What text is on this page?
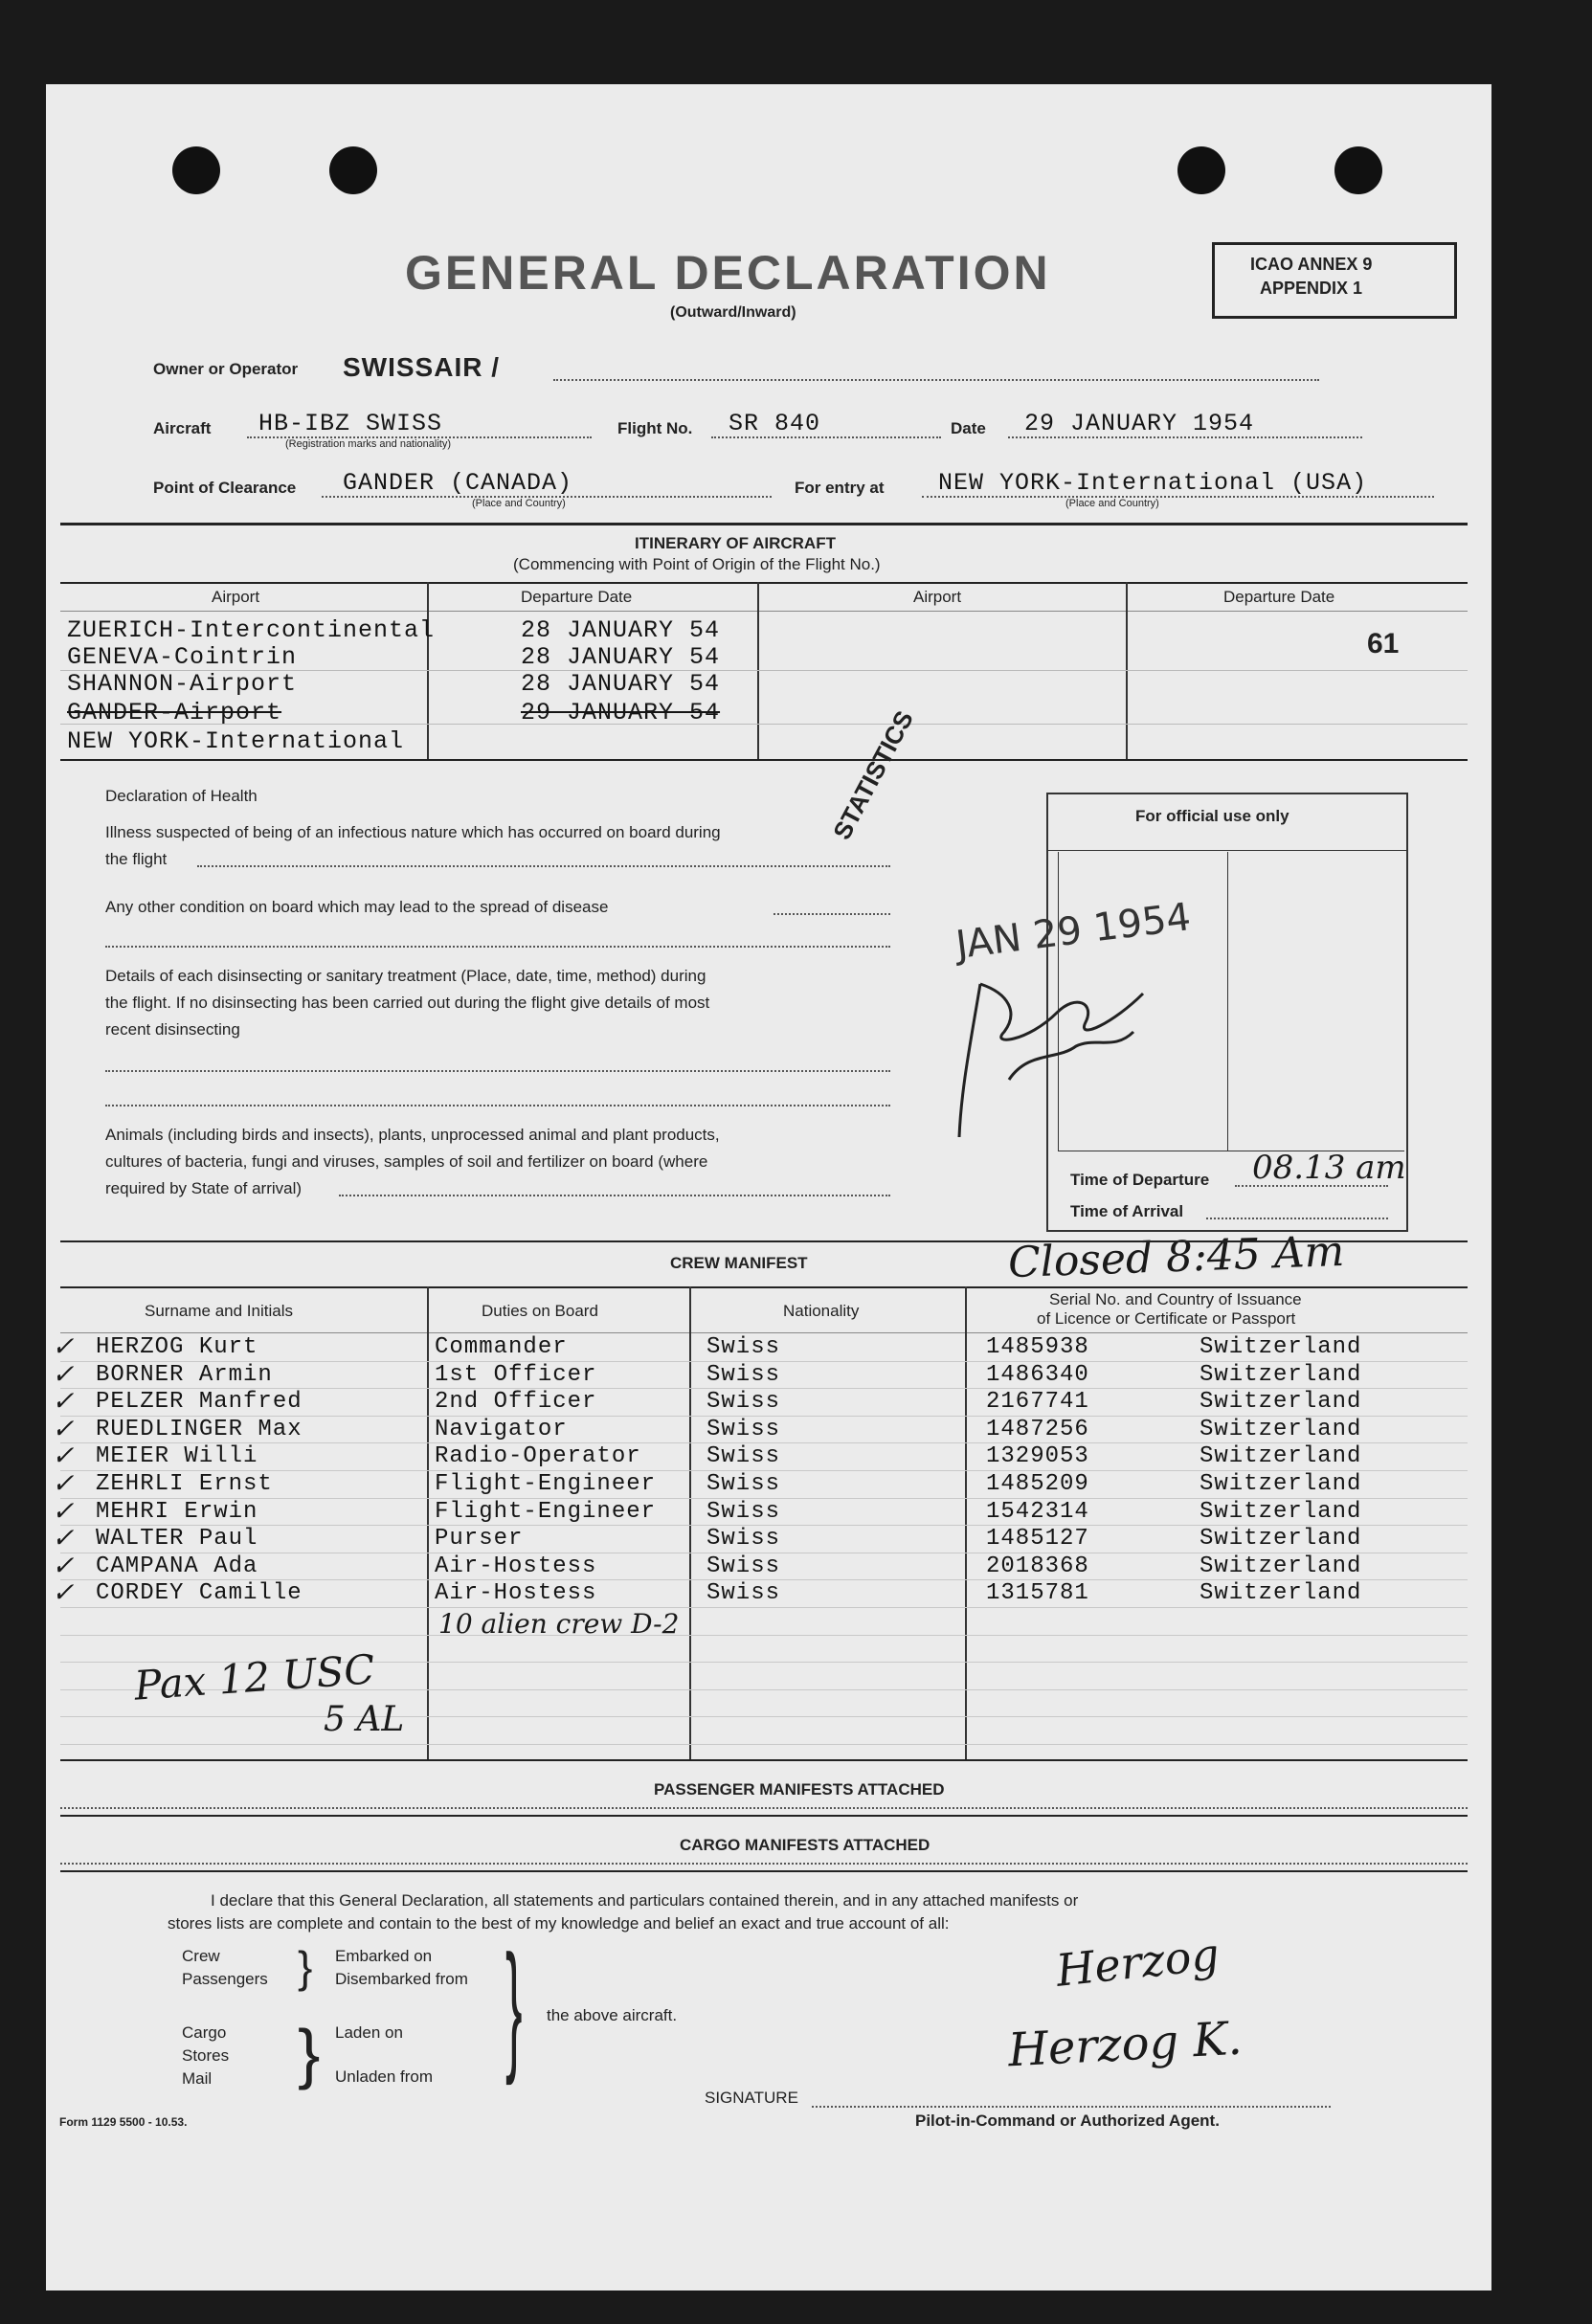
GENERAL DECLARATION
(Outward/Inward)
ICAO ANNEX 9
APPENDIX 1
Owner or Operator SWISSAIR /
Aircraft HB-IBZ SWISS
(Registration marks and nationality)
Flight No. SR 840	Date 29 JANUARY 1954
Point of Clearance GANDER (CANADA)
(Place and Country)
For entry at NEW YORK-International (USA)
(Place and Country)
ITINERARY OF AIRCRAFT
(Commencing with Point of Origin of the Flight No.)
Airport	Departure Date	Airport	Departure Date
ZUERICH-Intercontinental	28 JANUARY 54
GENEVA-Cointrin	28 JANUARY 54
SHANNON-Airport	28 JANUARY 54
GANDER-Airport	29 JANUARY 54
NEW YORK-International
61
Declaration of Health
Illness suspected of being of an infectious nature which has occurred on board during
the flight
Any other condition on board which may lead to the spread of disease
Details of each disinsecting or sanitary treatment (Place, date, time, method) during
the flight. If no disinsecting has been carried out during the flight give details of most
recent disinsecting
Animals (including birds and insects), plants, unprocessed animal and plant products,
cultures of bacteria, fungi and viruses, samples of soil and fertilizer on board (where
required by State of arrival)
For official use only
Time of Departure 08.13 am
Time of Arrival
STATISTICS
JAN 29 1954
Closed 8:45 Am
CREW MANIFEST
Surname and Initials	Duties on Board	Nationality
Serial No. and Country of Issuance
of Licence or Certificate or Passport
HERZOG Kurt	Commander	Swiss	1485938	Switzerland
✓
BORNER Armin	1st Officer	Swiss	1486340	Switzerland
✓
PELZER Manfred	2nd Officer	Swiss	2167741	Switzerland
✓
RUEDLINGER Max	Navigator	Swiss	1487256	Switzerland
✓
MEIER Willi	Radio-Operator	Swiss	1329053	Switzerland
✓
ZEHRLI Ernst	Flight-Engineer Swiss	1485209	Switzerland
✓
MEHRI Erwin	Flight-Engineer Swiss	1542314	Switzerland
✓
WALTER Paul	Purser	Swiss	1485127	Switzerland
✓
CAMPANA Ada	Air-Hostess	Swiss	2018368	Switzerland
✓
CORDEY Camille	Air-Hostess	Swiss	1315781	Switzerland
✓
10 alien crew D-2
Pax 12 USC
5 AL
PASSENGER MANIFESTS ATTACHED
CARGO MANIFESTS ATTACHED
I declare that this General Declaration, all statements and particulars contained therein, and in any attached manifests or
stores lists are complete and contain to the best of my knowledge and belief an exact and true account of all:
Crew
Passengers } Embarked on
Disembarked from
Cargo
Stores
Mail } Laden on
Unladen from } the above aircraft.
Herzog
Herzog K.
SIGNATURE
Pilot-in-Command or Authorized Agent.
Form 1129 5500 - 10.53.
